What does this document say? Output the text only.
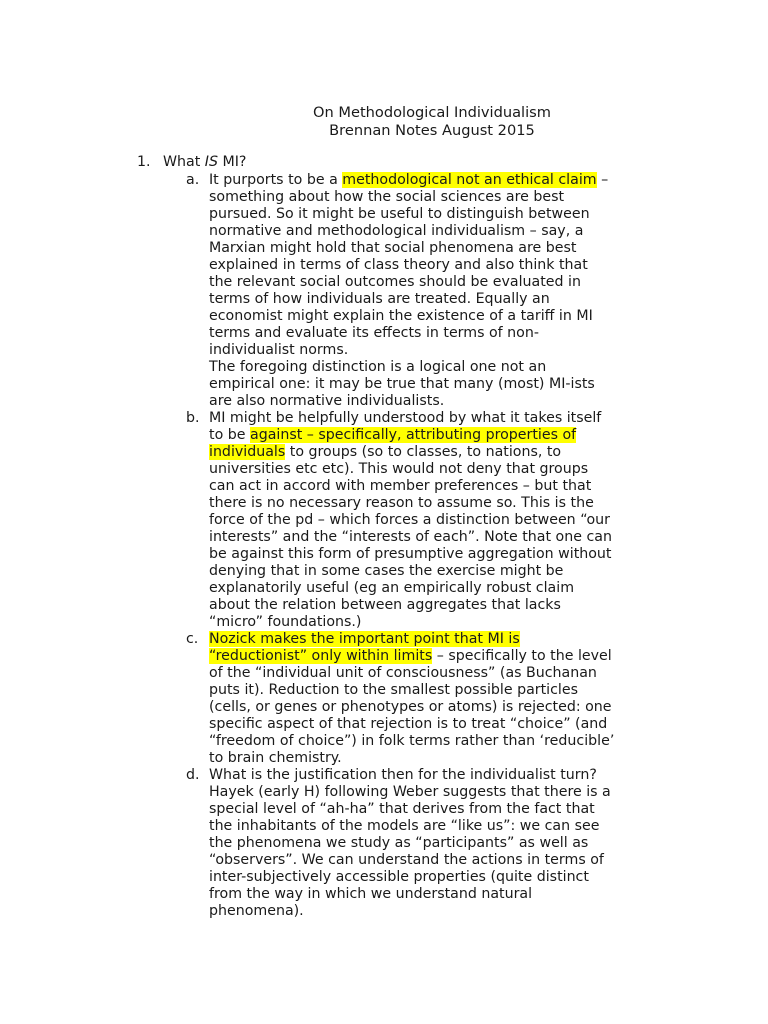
On Methodological Individualism
Brennan Notes August 2015
1. What IS MI?
a. It purports to be a methodological not an ethical claim –
something about how the social sciences are best
pursued. So it might be useful to distinguish between
normative and methodological individualism – say, a
Marxian might hold that social phenomena are best
explained in terms of class theory and also think that
the relevant social outcomes should be evaluated in
terms of how individuals are treated. Equally an
economist might explain the existence of a tariff in MI
terms and evaluate its effects in terms of non-
individualist norms.
The foregoing distinction is a logical one not an
empirical one: it may be true that many (most) MI-ists
are also normative individualists.
b. MI might be helpfully understood by what it takes itself
to be against – specifically, attributing properties of
individuals to groups (so to classes, to nations, to
universities etc etc). This would not deny that groups
can act in accord with member preferences – but that
there is no necessary reason to assume so. This is the
force of the pd – which forces a distinction between “our
interests” and the “interests of each”. Note that one can
be against this form of presumptive aggregation without
denying that in some cases the exercise might be
explanatorily useful (eg an empirically robust claim
about the relation between aggregates that lacks
“micro” foundations.)
c. Nozick makes the important point that MI is
“reductionist” only within limits – specifically to the level
of the “individual unit of consciousness” (as Buchanan
puts it). Reduction to the smallest possible particles
(cells, or genes or phenotypes or atoms) is rejected: one
specific aspect of that rejection is to treat “choice” (and
“freedom of choice”) in folk terms rather than ‘reducible’
to brain chemistry.
d. What is the justification then for the individualist turn?
Hayek (early H) following Weber suggests that there is a
special level of “ah-ha” that derives from the fact that
the inhabitants of the models are “like us”: we can see
the phenomena we study as “participants” as well as
“observers”. We can understand the actions in terms of
inter-subjectively accessible properties (quite distinct
from the way in which we understand natural
phenomena).
